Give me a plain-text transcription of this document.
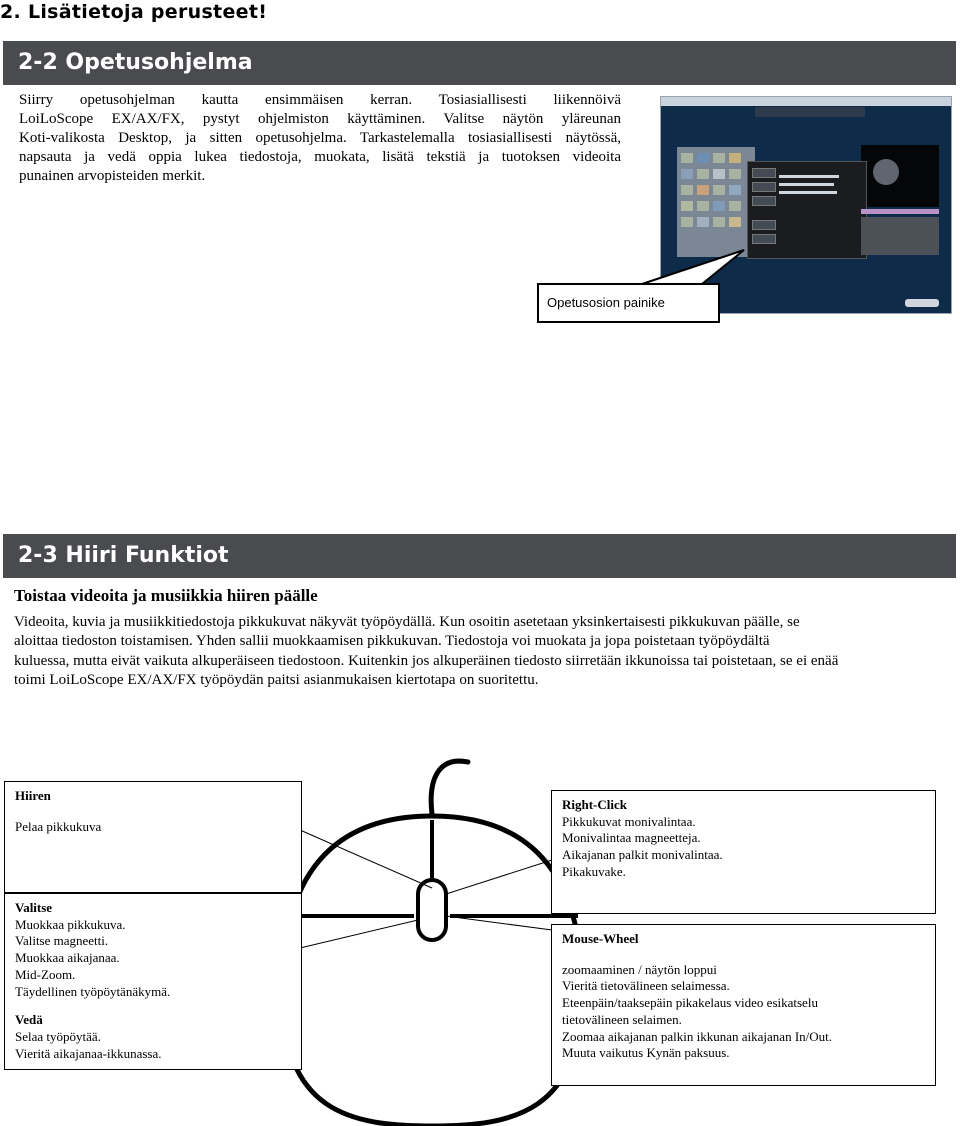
2. Lisätietoja perusteet!
2-2 Opetusohjelma

Siirry opetusohjelman kautta ensimmäisen kerran. Tosiasiallisesti liikennöivä

LoiLoScope EX/AX/FX, pystyt ohjelmiston käyttäminen. Valitse näytön yläreunan

Koti-valikosta Desktop, ja sitten opetusohjelma. Tarkastelemalla tosiasiallisesti näytössä,

napsauta ja vedä oppia lukea tiedostoja, muokata, lisätä tekstiä ja tuotoksen videoita

punainen arvopisteiden merkit.

Opetusosion painike
2-3 Hiiri Funktiot
Toistaa videoita ja musiikkia hiiren päälle

Videoita, kuvia ja musiikkitiedostoja pikkukuvat näkyvät työpöydällä. Kun osoitin asetetaan yksinkertaisesti pikkukuvan päälle, se

aloittaa tiedoston toistamisen. Yhden sallii muokkaamisen pikkukuvan. Tiedostoja voi muokata ja jopa poistetaan työpöydältä

kuluessa, mutta eivät vaikuta alkuperäiseen tiedostoon. Kuitenkin jos alkuperäinen tiedosto siirretään ikkunoissa tai poistetaan, se ei enää

toimi LoiLoScope EX/AX/FX työpöydän paitsi asianmukaisen kiertotapa on suoritettu.

Hiiren
Pelaa pikkukuva
Valitse
Muokkaa pikkukuva.
Valitse magneetti.
Muokkaa aikajanaa.
Mid-Zoom.
Täydellinen työpöytänäkymä.
Vedä
Selaa työpöytää.
Vieritä aikajanaa-ikkunassa.
Right-Click
Pikkukuvat monivalintaa.
Monivalintaa magneetteja.
Aikajanan palkit monivalintaa.
Pikakuvake.
Mouse-Wheel
zoomaaminen / näytön loppui
Vieritä tietovälineen selaimessa.
Eteenpäin/taaksepäin pikakelaus video esikatselu
tietovälineen selaimen.
Zoomaa aikajanan palkin ikkunan aikajanan In/Out.
Muuta vaikutus Kynän paksuus.
